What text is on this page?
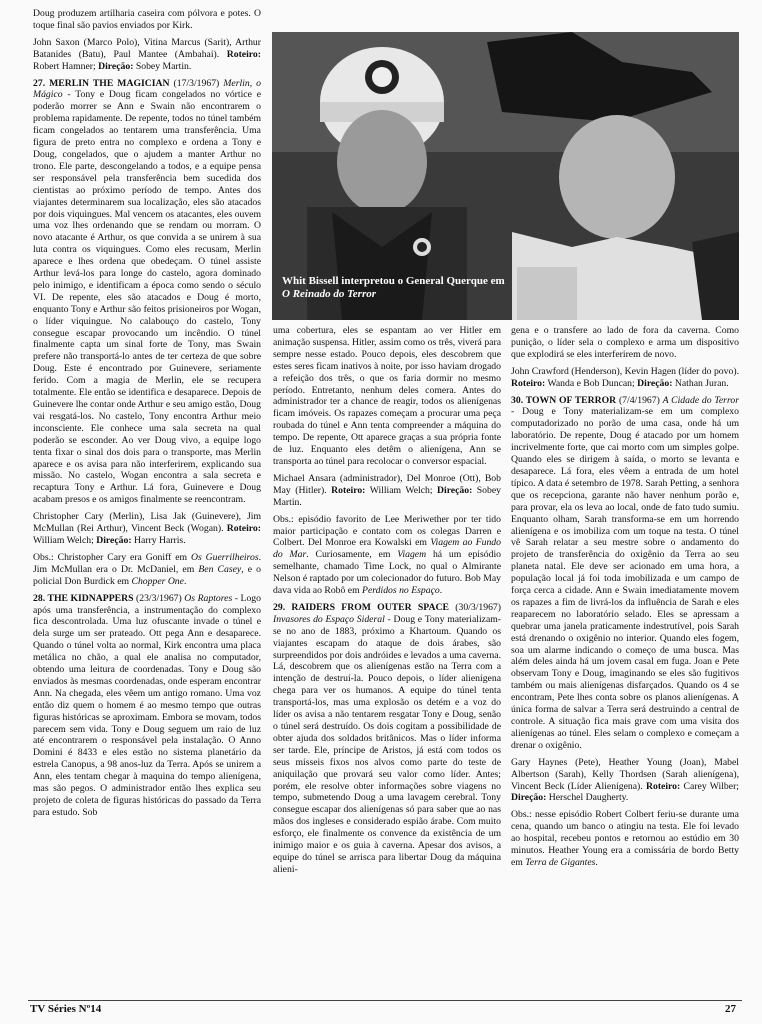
Doug produzem artilharia caseira com pólvora e potes. O toque final são pavios enviados por Kirk.

John Saxon (Marco Polo), Vitina Marcus (Sarit), Arthur Batanides (Batu), Paul Mantee (Ambahai). Roteiro: Robert Hamner; Direção: Sobey Martin.

27. MERLIN THE MAGICIAN (17/3/1967) Merlin, o Mágico - Tony e Doug ficam congelados no vórtice e poderão morrer se Ann e Swain não encontrarem o problema rapidamente. De repente, todos no túnel também ficam congelados ao tentarem uma transferência. Uma figura de preto entra no complexo e ordena a Tony e Doug, congelados, que o ajudem a manter Arthur no trono. Ele parte, descongelando a todos, e a equipe pensa ser responsável pela transferência bem sucedida dos cientistas ao próximo período de tempo. Antes dos viajantes determinarem sua localização, eles são atacados por dois viquingues. Mal vencem os atacantes, eles ouvem uma voz lhes ordenando que se rendam ou morram. O novo atacante é Arthur, os que convida a se unirem à sua luta contra os viquingues. Como eles recusam, Merlin aparece e lhes ordena que obedeçam. O túnel assiste Arthur levá-los para longe do castelo, agora dominado pelo inimigo, e identificam a época como sendo o século VI. De repente, eles são atacados e Doug é morto, enquanto Tony e Arthur são feitos prisioneiros por Wogan, o líder viquingue. No calabouço do castelo, Tony consegue escapar provocando um incêndio. O túnel finalmente capta um sinal forte de Tony, mas Swain prefere não transportá-lo antes de ter certeza de que sobre Doug. Este é encontrado por Guinevere, seriamente ferido. Com a magia de Merlin, ele se recupera totalmente. Ele então se identifica e desaparece. Depois de Guinevere lhe contar onde Arthur e seu amigo estão, Doug vai resgatá-los. No castelo, Tony encontra Arthur meio inconsciente. Ele conhece uma sala secreta na qual poderão se esconder. Ao ver Doug vivo, a equipe logo tenta fixar o sinal dos dois para o transporte, mas Merlin aparece e os avisa para não interferirem, explicando sua missão. No castelo, Wogan encontra a sala secreta e recaptura Tony e Arthur. Lá fora, Guinevere e Doug acabam presos e os amigos finalmente se reencontram.

Christopher Cary (Merlin), Lisa Jak (Guinevere), Jim McMullan (Rei Arthur), Vincent Beck (Wogan). Roteiro: William Welch; Direção: Harry Harris.

Obs.: Christopher Cary era Goniff em Os Guerrilheiros. Jim McMullan era o Dr. McDaniel, em Ben Casey, e o policial Don Burdick em Chopper One.

28. THE KIDNAPPERS (23/3/1967) Os Raptores - Logo após uma transferência, a instrumentação do complexo fica descontrolada. Uma luz ofuscante invade o túnel e dela surge um ser prateado. Ott pega Ann e desaparece. Quando o túnel volta ao normal, Kirk encontra uma placa metálica no chão, a qual ele analisa no computador, obtendo uma leitura de coordenadas. Tony e Doug são enviados às mesmas coordenadas, onde esperam encontrar Ann. Na chegada, eles vêem um antigo romano. Uma voz então diz quem o homem é ao mesmo tempo que outras figuras históricas se aproximam. Embora se movam, todos parecem sem vida. Tony e Doug seguem um raio de luz até encontrarem o responsável pela instalação. O Anno Domini é 8433 e eles estão no sistema planetário da estrela Canopus, a 98 anos-luz da Terra. Após se unirem a Ann, eles tentam chegar à maquina do tempo alienígena, mas são pegos. O administrador então lhes explica seu projeto de coleta de figuras históricas do passado da Terra para estudo. Sob

Whit Bissell interpretou o General Querque em O Reinado do Terror

uma cobertura, eles se espantam ao ver Hitler em animação suspensa. Hitler, assim como os três, viverá para sempre nesse estado. Pouco depois, eles descobrem que estes seres ficam inativos à noite, por isso haviam drogado a refeição dos três, o que os faria dormir no mesmo período. Entretanto, nenhum deles comera. Antes do administrador ter a chance de reagir, todos os alienígenas ficam imóveis. Os rapazes começam a procurar uma peça roubada do túnel e Ann tenta compreender a máquina do tempo. De repente, Ott aparece graças a sua própria fonte de luz. Enquanto eles detêm o alienígena, Ann se transporta ao túnel para recolocar o conversor espacial.

Michael Ansara (administrador), Del Monroe (Ott), Bob May (Hitler). Roteiro: William Welch; Direção: Sobey Martin.

Obs.: episódio favorito de Lee Meriwether por ter tido maior participação e contato com os colegas Darren e Colbert. Del Monroe era Kowalski em Viagem ao Fundo do Mar. Curiosamente, em Viagem há um episódio semelhante, chamado Time Lock, no qual o Almirante Nelson é raptado por um colecionador do futuro. Bob May dava vida ao Robô em Perdidos no Espaço.

29. RAIDERS FROM OUTER SPACE (30/3/1967) Invasores do Espaço Sideral - Doug e Tony materializam-se no ano de 1883, próximo a Khartoum. Quando os viajantes escapam do ataque de dois árabes, são surpreendidos por dois andróides e levados a uma caverna. Lá, descobrem que os alienígenas estão na Terra com a intenção de destruí-la. Pouco depois, o líder alienígena chega para ver os humanos. A equipe do túnel tenta transportá-los, mas uma explosão os detém e a voz do líder os avisa a não tentarem resgatar Tony e Doug, senão o túnel será destruído. Os dois cogitam a possibilidade de obter ajuda dos soldados britânicos. Mas o líder informa ser tarde. Ele, príncipe de Aristos, já está com todos os seus mísseis fixos nos alvos como parte do teste de aniquilação que provará seu valor como líder. Antes; porém, ele resolve obter informações sobre viagens no tempo, submetendo Doug a uma lavagem cerebral. Tony consegue escapar dos alienígenas só para saber que ao nas mãos dos ingleses e considerado espião árabe. Com muito esforço, ele finalmente os convence da existência de um inimigo maior e os guia à caverna. Apesar dos avisos, a equipe do túnel se arrisca para libertar Doug da máquina alieni-

gena e o transfere ao lado de fora da caverna. Como punição, o líder sela o complexo e arma um dispositivo que explodirá se eles interferirem de novo.

John Crawford (Henderson), Kevin Hagen (líder do povo). Roteiro: Wanda e Bob Duncan; Direção: Nathan Juran.

30. TOWN OF TERROR (7/4/1967) A Cidade do Terror - Doug e Tony materializam-se em um complexo computadorizado no porão de uma casa, onde há um laboratório. De repente, Doug é atacado por um homem incrivelmente forte, que cai morto com um simples golpe. Quando eles se dirigem à saída, o morto se levanta e desaparece. Lá fora, eles vêem a entrada de um hotel típico. A data é setembro de 1978. Sarah Petting, a senhora que os recepciona, garante não haver nenhum porão e, para provar, ela os leva ao local, onde de fato tudo sumiu. Enquanto olham, Sarah transforma-se em um horrendo alienígena e os imobiliza com um toque na testa. O túnel vê Sarah relatar a seu mestre sobre o andamento do projeto de transferência do oxigênio da Terra ao seu planeta natal. Ele deve ser acionado em uma hora, a população local já foi toda imobilizada e um campo de força cerca a cidade. Ann e Swain imediatamente movem os rapazes a fim de livrá-los da influência de Sarah e eles reaparecem no laboratório selado. Eles se apressam a quebrar uma janela praticamente indestrutível, pois Sarah está drenando o oxigênio no interior. Quando eles fogem, soa um alarme indicando o começo de uma busca. Mas além deles ainda há um jovem casal em fuga. Joan e Pete observam Tony e Doug, imaginando se eles são fugitivos também ou mais alienígenas disfarçados. Quando os 4 se encontram, Pete lhes conta sobre os planos alienígenas. A única forma de salvar a Terra será destruindo a central de controle. A situação fica mais grave com uma visita dos alienígenas ao túnel. Eles selam o complexo e começam a drenar o oxigênio.

Gary Haynes (Pete), Heather Young (Joan), Mabel Albertson (Sarah), Kelly Thordsen (Sarah alienígena), Vincent Beck (Líder Alienígena). Roteiro: Carey Wilber; Direção: Herschel Daugherty.

Obs.: nesse episódio Robert Colbert feriu-se durante uma cena, quando um banco o atingiu na testa. Ele foi levado ao hospital, recebeu pontos e retornou ao estúdio em 30 minutos. Heather Young era a comissária de bordo Betty em Terra de Gigantes.

TV Séries Nº14	27
